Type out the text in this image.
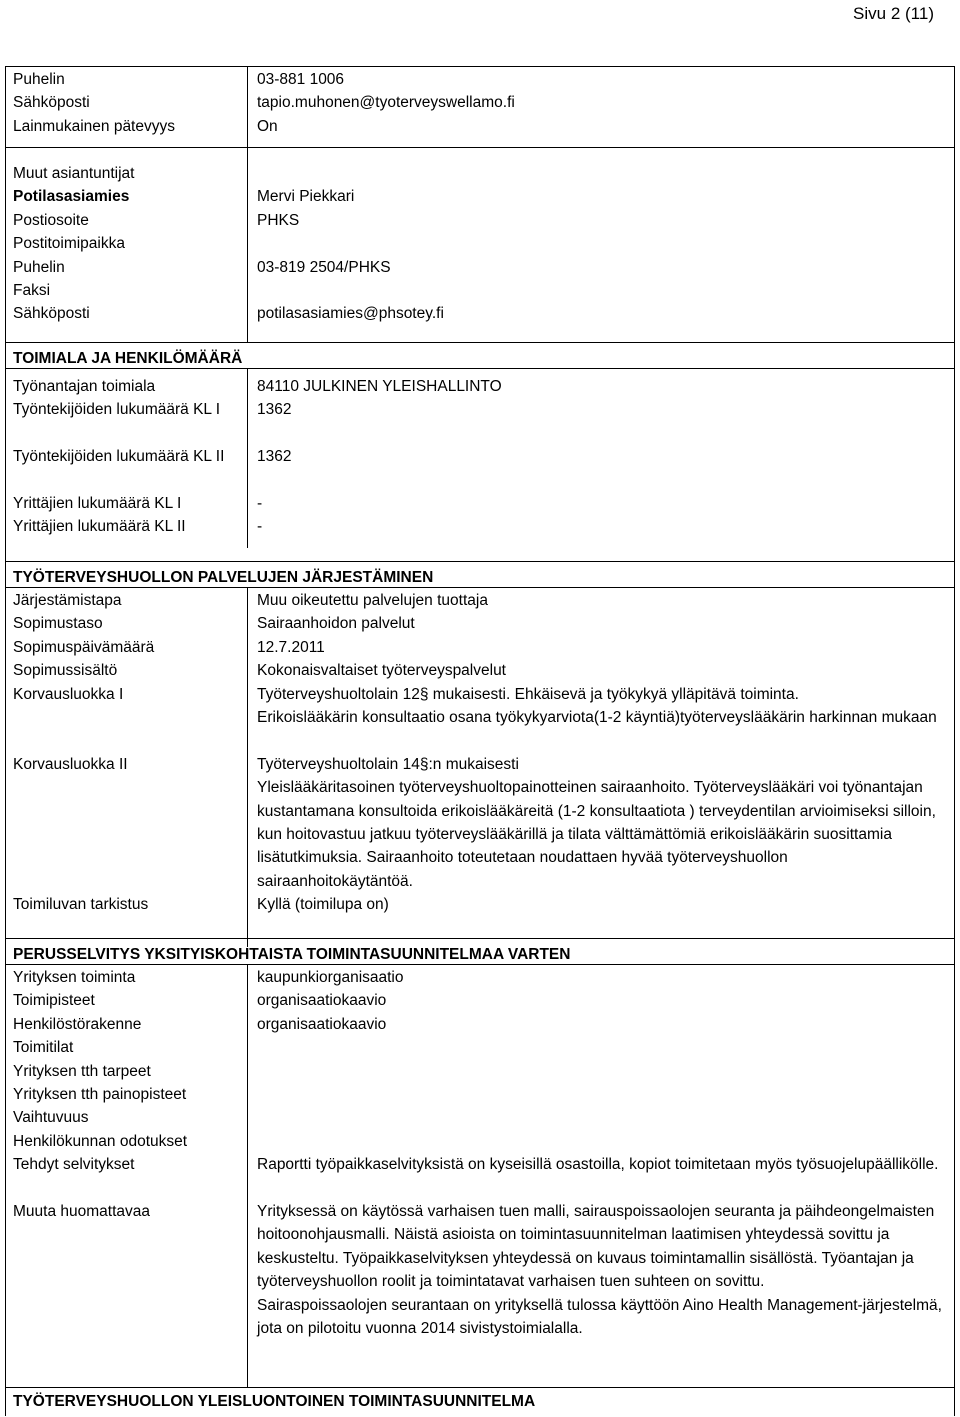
Sivu 2 (11)
Puhelin	03-881 1006
Sähköposti	tapio.muhonen@tyoterveyswellamo.fi
Lainmukainen pätevyys	On
Muut asiantuntijat
Potilasasiamies	Mervi Piekkari
Postiosoite	PHKS
Postitoimipaikka
Puhelin	03-819 2504/PHKS
Faksi
Sähköposti	potilasasiamies@phsotey.fi
TOIMIALA JA HENKILÖMÄÄRÄ
Työnantajan toimiala	84110 JULKINEN YLEISHALLINTO
Työntekijöiden lukumäärä KL I	1362
Työntekijöiden lukumäärä KL II	1362
Yrittäjien lukumäärä KL I	-
Yrittäjien lukumäärä KL II	-
TYÖTERVEYSHUOLLON PALVELUJEN JÄRJESTÄMINEN
Järjestämistapa	Muu oikeutettu palvelujen tuottaja
Sopimustaso	Sairaanhoidon palvelut
Sopimuspäivämäärä	12.7.2011
Sopimussisältö	Kokonaisvaltaiset työterveyspalvelut
Korvausluokka I	Työterveyshuoltolain 12§ mukaisesti. Ehkäisevä ja työkykyä ylläpitävä toiminta.
Erikoislääkärin konsultaatio osana työkykyarviota(1-2 käyntiä)työterveyslääkärin harkinnan mukaan
Korvausluokka II	Työterveyshuoltolain 14§:n mukaisesti
Yleislääkäritasoinen työterveyshuoltopainotteinen sairaanhoito. Työterveyslääkäri voi työnantajan kustantamana konsultoida erikoislääkäreitä (1-2 konsultaatiota ) terveydentilan arvioimiseksi silloin, kun hoitovastuu jatkuu työterveyslääkärillä ja tilata välttämättömiä erikoislääkärin suosittamia lisätutkimuksia. Sairaanhoito toteutetaan noudattaen hyvää työterveyshuollon sairaanhoitokäytäntöä.
Toimiluvan tarkistus	Kyllä (toimilupa on)
PERUSSELVITYS YKSITYISKOHTAISTA TOIMINTASUUNNITELMAA VARTEN
Yrityksen toiminta	kaupunkiorganisaatio
Toimipisteet	organisaatiokaavio
Henkilöstörakenne	organisaatiokaavio
Toimitilat
Yrityksen tth tarpeet
Yrityksen tth painopisteet
Vaihtuvuus
Henkilökunnan odotukset
Tehdyt selvitykset	Raportti työpaikkaselvityksistä on kyseisillä osastoilla, kopiot toimitetaan myös työsuojelupäällikölle.
Muuta huomattavaa	Yrityksessä on käytössä varhaisen tuen malli, sairauspoissaolojen seuranta ja päihdeongelmaisten hoitoonohjausmalli. Näistä asioista on toimintasuunnitelman laatimisen yhteydessä sovittu ja keskusteltu. Työpaikkaselvityksen yhteydessä on kuvaus toimintamallin sisällöstä. Työantajan ja työterveyshuollon roolit ja toimintatavat varhaisen tuen suhteen on sovittu.
Sairaspoissaolojen seurantaan on yrityksellä tulossa käyttöön Aino Health Management-järjestelmä, jota on pilotoitu vuonna 2014 sivistystoimialalla.
TYÖTERVEYSHUOLLON YLEISLUONTOINEN TOIMINTASUUNNITELMA
